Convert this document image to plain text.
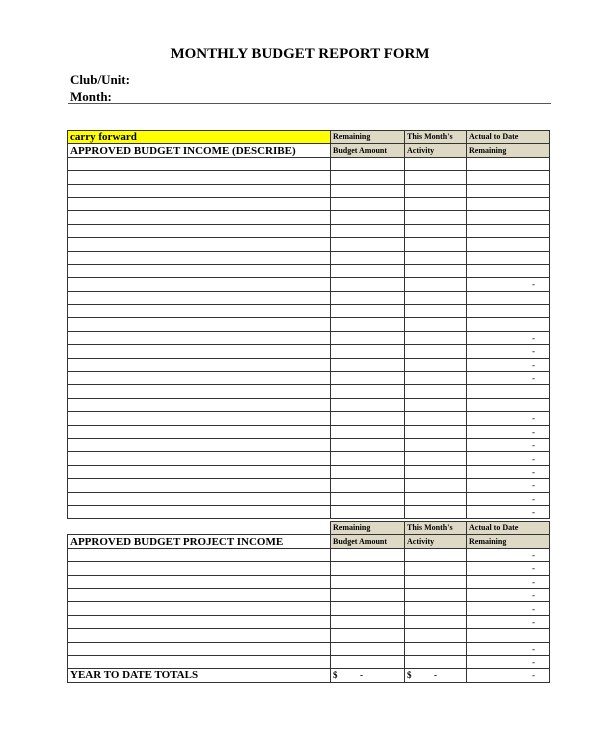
MONTHLY BUDGET REPORT FORM
Club/Unit:
Month:
carry forward	Remaining	This Month's	Actual to Date
APPROVED BUDGET INCOME (DESCRIBE)	Budget Amount	Activity	Remaining

			-

			-
			-
			-
			-

			-
			-
			-
			-
			-
			-
			-
			-
	Remaining	This Month's	Actual to Date
APPROVED BUDGET PROJECT INCOME	Budget Amount	Activity	Remaining
			-
			-
			-
			-
			-
			-

			-
			-
YEAR TO DATE TOTALS	$          -	$          -	-
